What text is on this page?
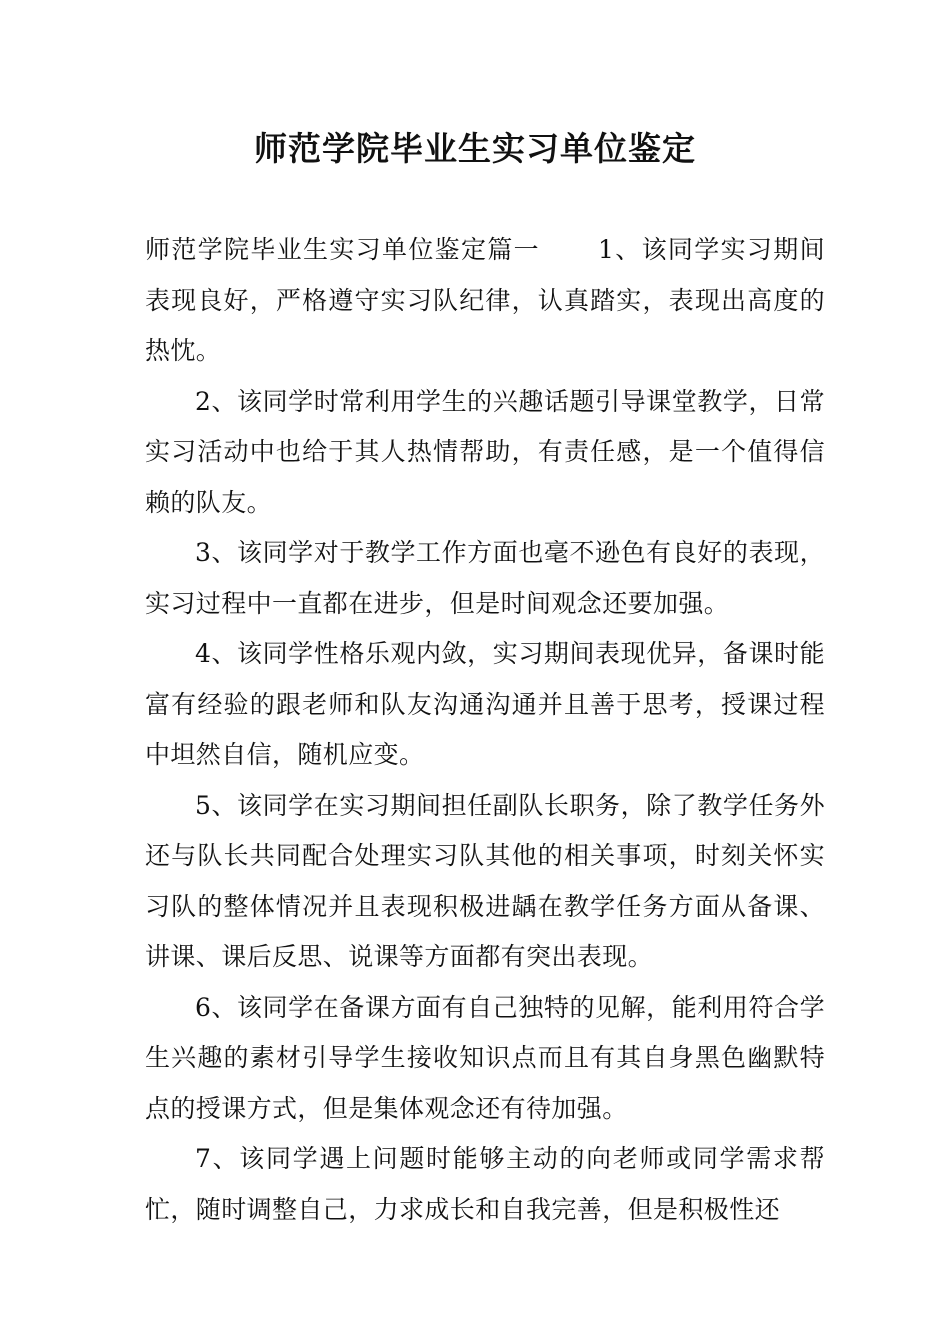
师范学院毕业生实习单位鉴定

师范学院毕业生实习单位鉴定篇一 1、该同学实习期间表现良好，严格遵守实习队纪律，认真踏实，表现出高度的热忱。

2、该同学时常利用学生的兴趣话题引导课堂教学，日常实习活动中也给于其人热情帮助，有责任感，是一个值得信赖的队友。

3、该同学对于教学工作方面也毫不逊色有良好的表现，实习过程中一直都在进步，但是时间观念还要加强。

4、该同学性格乐观内敛，实习期间表现优异，备课时能富有经验的跟老师和队友沟通沟通并且善于思考，授课过程中坦然自信，随机应变。

5、该同学在实习期间担任副队长职务，除了教学任务外还与队长共同配合处理实习队其他的相关事项，时刻关怀实习队的整体情况并且表现积极进龋在教学任务方面从备课、讲课、课后反思、说课等方面都有突出表现。

6、该同学在备课方面有自己独特的见解，能利用符合学生兴趣的素材引导学生接收知识点而且有其自身黑色幽默特点的授课方式，但是集体观念还有待加强。

7、该同学遇上问题时能够主动的向老师或同学需求帮忙，随时调整自己，力求成长和自我完善，但是积极性还
